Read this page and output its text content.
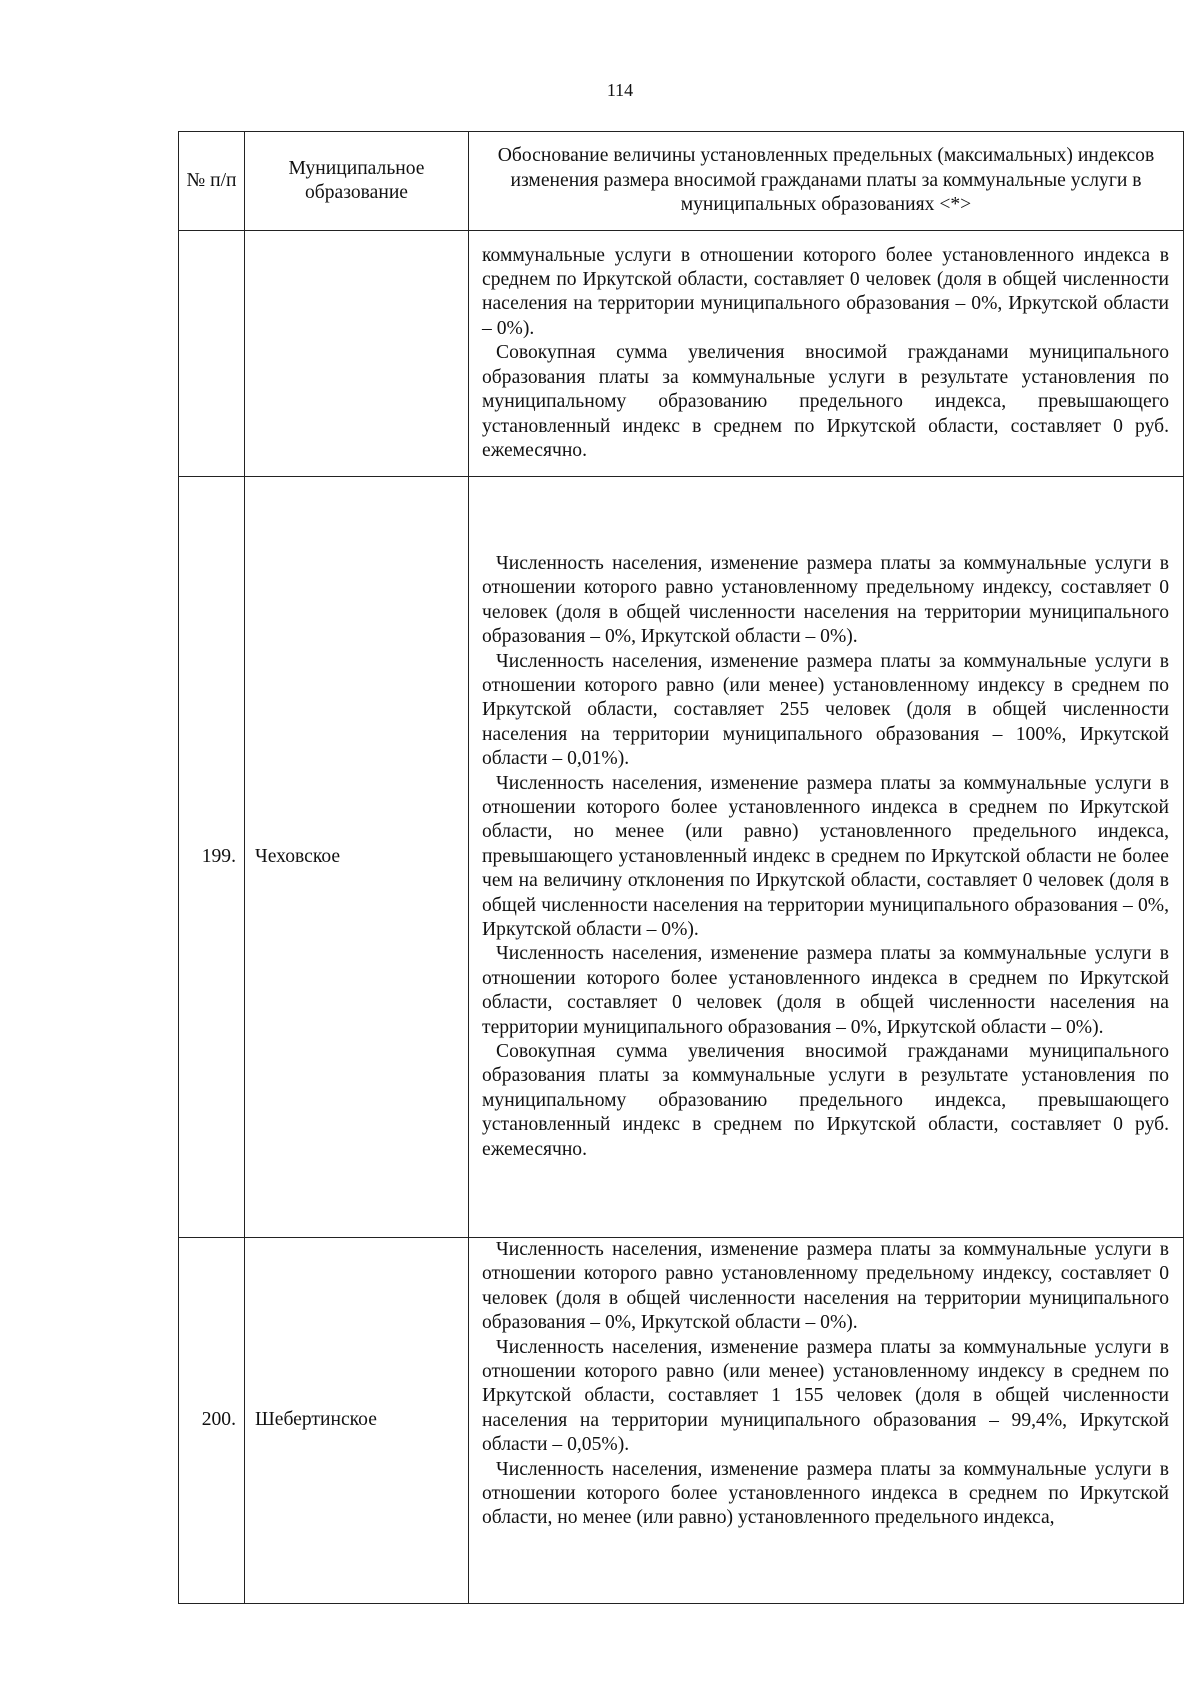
114
№ п/п	Муниципальное образование	Обоснование величины установленных предельных (максимальных) индексов изменения размера вносимой гражданами платы за коммунальные услуги в муниципальных образованиях <*>

		коммунальные услуги в отношении которого более установленного индекса в среднем по Иркутской области, составляет 0 человек (доля в общей численности населения на территории муниципального образования – 0%, Иркутской области – 0%).

Совокупная сумма увеличения вносимой гражданами муниципального образования платы за коммунальные услуги в результате установления по муниципальному образованию предельного индекса, превышающего установленный индекс в среднем по Иркутской области, составляет 0 руб. ежемесячно.

199.	Чеховское	Численность населения, изменение размера платы за коммунальные услуги в отношении которого равно установленному предельному индексу, составляет 0 человек (доля в общей численности населения на территории муниципального образования – 0%, Иркутской области – 0%).

Численность населения, изменение размера платы за коммунальные услуги в отношении которого равно (или менее) установленному индексу в среднем по Иркутской области, составляет 255 человек (доля в общей численности населения на территории муниципального образования – 100%, Иркутской области – 0,01%).

Численность населения, изменение размера платы за коммунальные услуги в отношении которого более установленного индекса в среднем по Иркутской области, но менее (или равно) установленного предельного индекса, превышающего установленный индекс в среднем по Иркутской области не более чем на величину отклонения по Иркутской области, составляет 0 человек (доля в общей численности населения на территории муниципального образования – 0%, Иркутской области – 0%).

Численность населения, изменение размера платы за коммунальные услуги в отношении которого более установленного индекса в среднем по Иркутской области, составляет 0 человек (доля в общей численности населения на территории муниципального образования – 0%, Иркутской области – 0%).

Совокупная сумма увеличения вносимой гражданами муниципального образования платы за коммунальные услуги в результате установления по муниципальному образованию предельного индекса, превышающего установленный индекс в среднем по Иркутской области, составляет 0 руб. ежемесячно.

200.	Шебертинское	Численность населения, изменение размера платы за коммунальные услуги в отношении которого равно установленному предельному индексу, составляет 0 человек (доля в общей численности населения на территории муниципального образования – 0%, Иркутской области – 0%).

Численность населения, изменение размера платы за коммунальные услуги в отношении которого равно (или менее) установленному индексу в среднем по Иркутской области, составляет 1 155 человек (доля в общей численности населения на территории муниципального образования – 99,4%, Иркутской области – 0,05%).

Численность населения, изменение размера платы за коммунальные услуги в отношении которого более установленного индекса в среднем по Иркутской области, но менее (или равно) установленного предельного индекса,
